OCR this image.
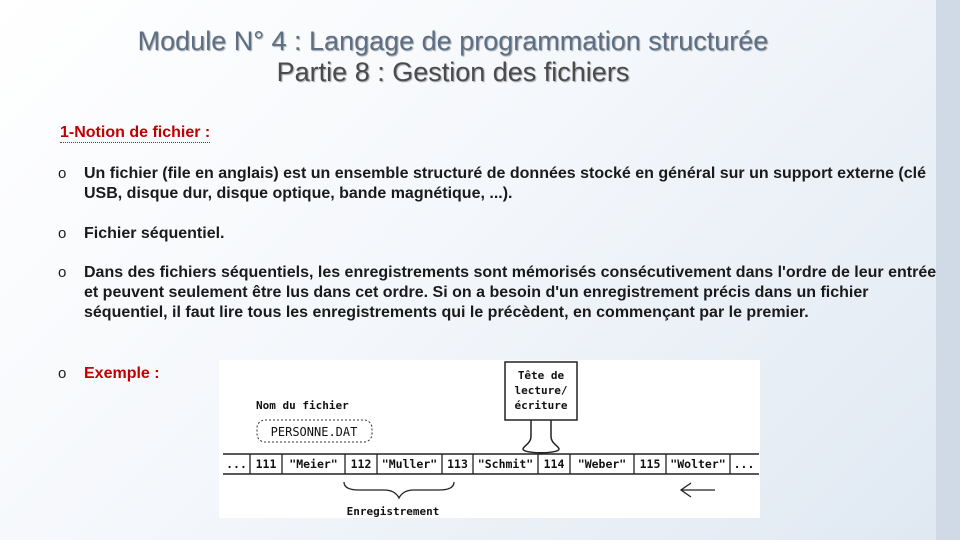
Module N° 4 : Langage de programmation structurée
Partie 8 : Gestion des fichiers
1-Notion de fichier :
o Un fichier (file en anglais) est un ensemble structuré de données stocké en général sur un support externe (clé USB, disque dur, disque optique, bande magnétique, ...).
o Fichier séquentiel.
o Dans des fichiers séquentiels, les enregistrements sont mémorisés consécutivement dans l'ordre de leur entrée et peuvent seulement être lus dans cet ordre. Si on a besoin d'un enregistrement précis dans un fichier séquentiel, il faut lire tous les enregistrements qui le précèdent, en commençant par le premier.
o Exemple :	Tête de
lecture/
écriture
Nom du fichier
PERSONNE.DAT
... 111 "Meier" 112 "Muller" 113 "Schmit" 114 "Weber" 115 "Wolter" ...
Enregistrement
